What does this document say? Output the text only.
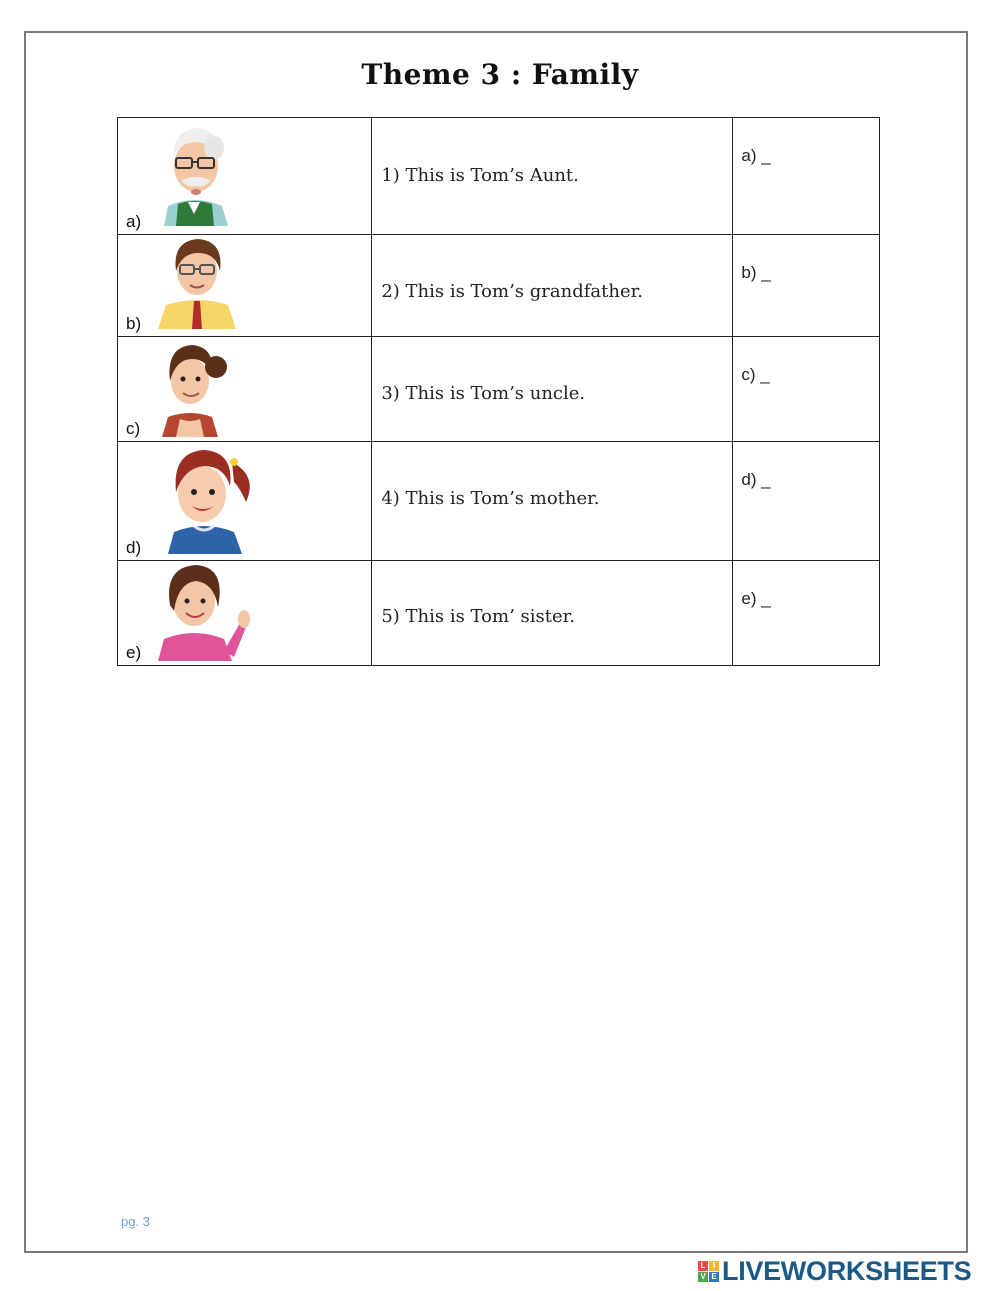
Theme 3 : Family
a)	1) This is Tom’s Aunt.	a) _

b)	2) This is Tom’s grandfather.	b) _

c)	3) This is Tom’s uncle.	c) _

d)	4) This is Tom’s mother.	d) _

e)	5) This is Tom’ sister.	e) _
pg. 3
L I
V E LIVEWORKSHEETS
